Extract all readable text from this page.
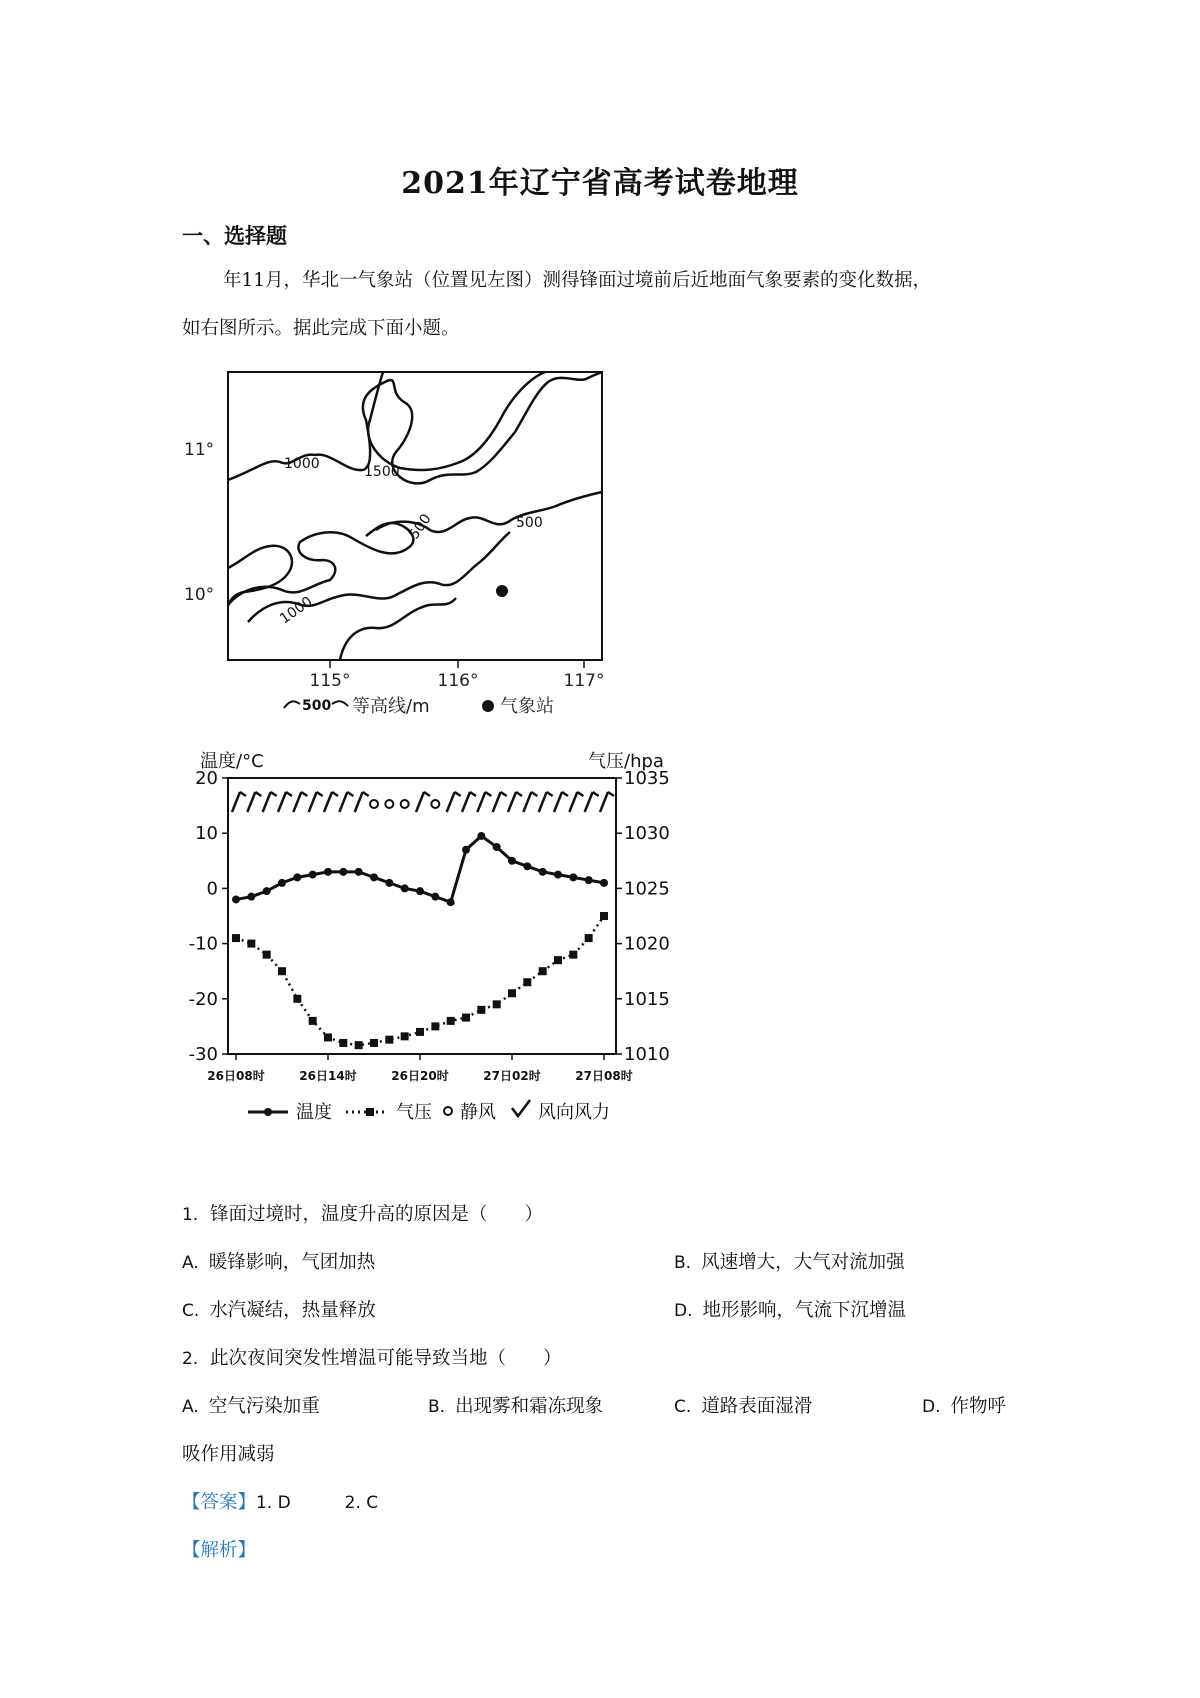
2021年辽宁省高考试卷地理
一、选择题
年11月，华北一气象站（位置见左图）测得锋面过境前后近地面气象要素的变化数据，
如右图所示。据此完成下面小题。
1000	1500
500	500
1000
11°
10°
115°	116°	117°
500 等高线/m	气象站
温度/°C	气压/hpa
20
10
0
-10
-20
-30
1035
1030
1025
1020
1015
1010
26日08时	26日14时	26日20时	27日02时	27日08时
温度	气压 静风 风向风力
1. 锋面过境时，温度升高的原因是（　　）
A. 暖锋影响，气团加热	B. 风速增大，大气对流加强
C. 水汽凝结，热量释放	D. 地形影响，气流下沉增温
2. 此次夜间突发性增温可能导致当地（　　）
A. 空气污染加重	B. 出现雾和霜冻现象	C. 道路表面湿滑	D. 作物呼
吸作用减弱
【答案】1. D	2. C
【解析】
